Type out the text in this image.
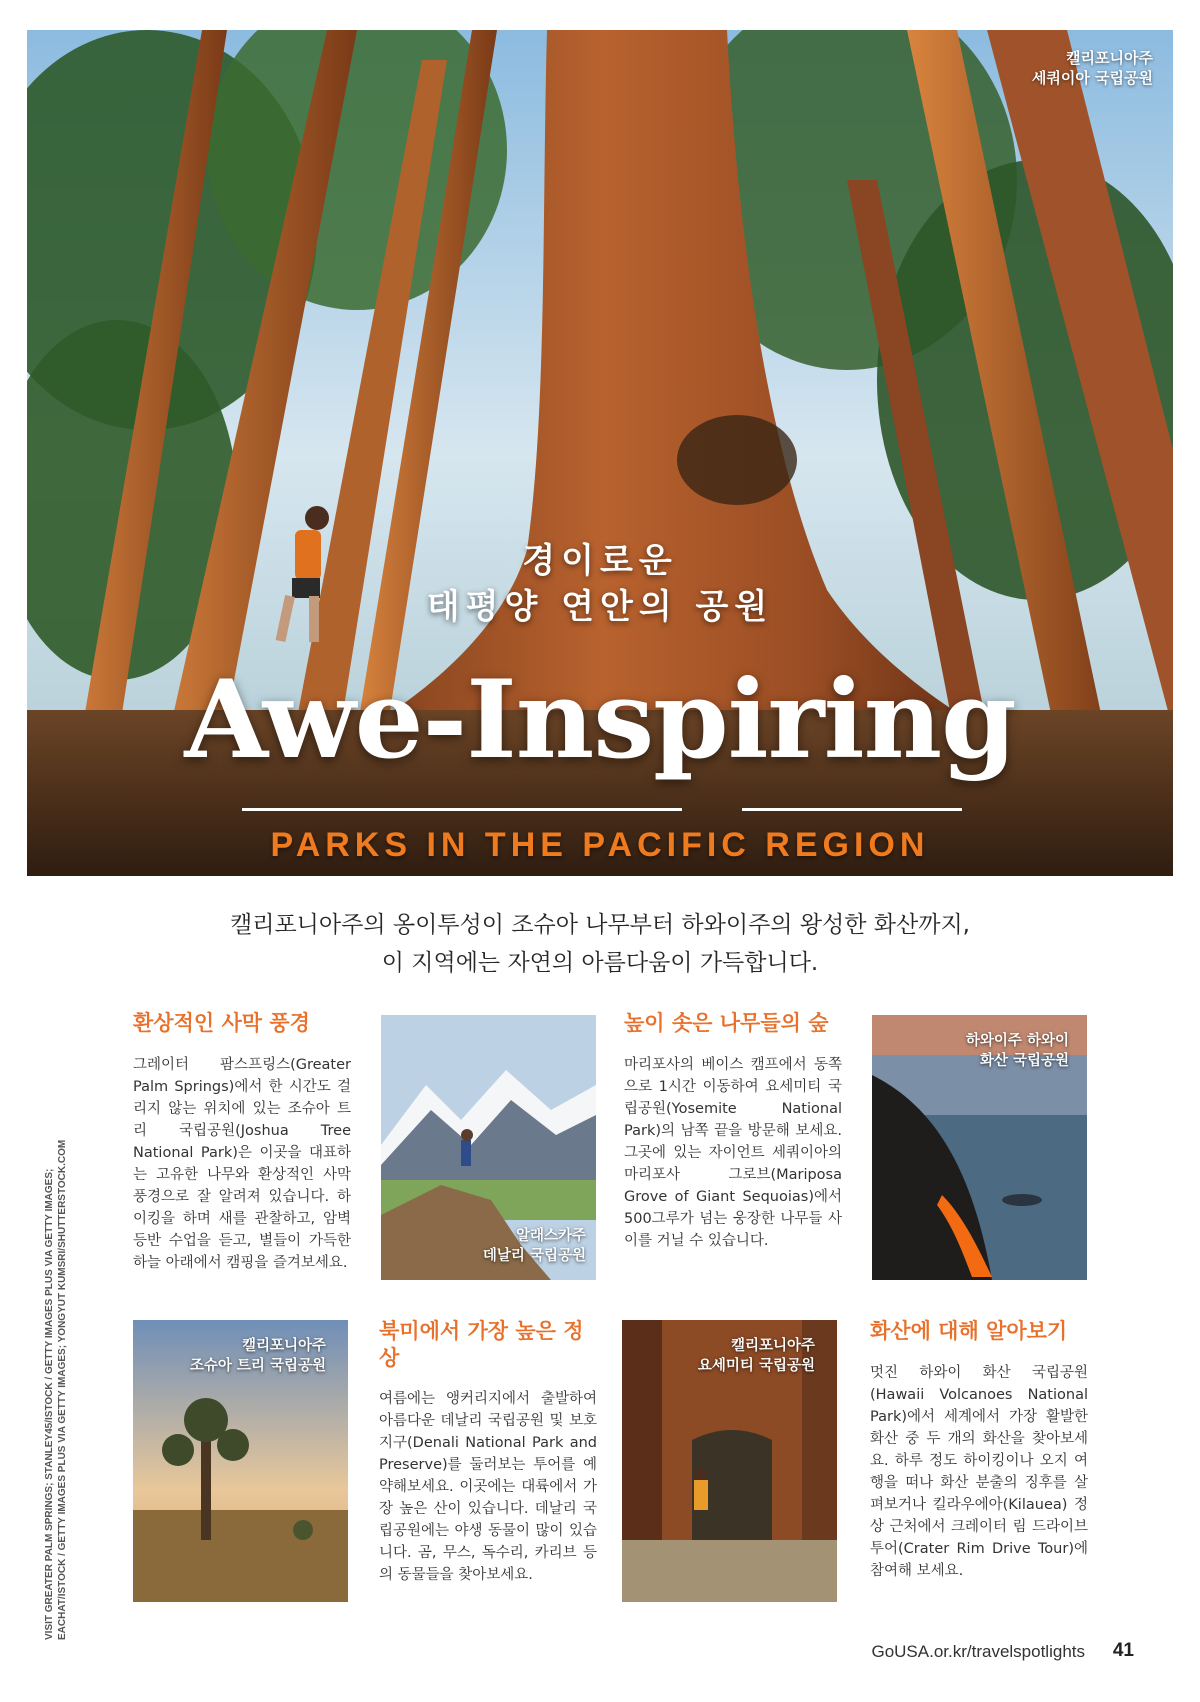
캘리포니아주
세쿼이아 국립공원
경이로운
태평양 연안의 공원
Awe-Inspiring
PARKS IN THE PACIFIC REGION
캘리포니아주의 옹이투성이 조슈아 나무부터 하와이주의 왕성한 화산까지,
이 지역에는 자연의 아름다움이 가득합니다.
환상적인 사막 풍경
그레이터 팜스프링스(Greater Palm Springs)에서 한 시간도 걸리지 않는 위치에 있는 조슈아 트리 국립공원(Joshua Tree National Park)은 이곳을 대표하는 고유한 나무와 환상적인 사막 풍경으로 잘 알려져 있습니다. 하이킹을 하며 새를 관찰하고, 암벽 등반 수업을 듣고, 별들이 가득한 하늘 아래에서 캠핑을 즐겨보세요.
알래스카주
데날리 국립공원
높이 솟은 나무들의 숲
마리포사의 베이스 캠프에서 동쪽으로 1시간 이동하여 요세미티 국립공원(Yosemite National Park)의 남쪽 끝을 방문해 보세요. 그곳에 있는 자이언트 세쿼이아의 마리포사 그로브(Mariposa Grove of Giant Sequoias)에서 500그루가 넘는 웅장한 나무들 사이를 거닐 수 있습니다.
하와이주 하와이
화산 국립공원
캘리포니아주
조슈아 트리 국립공원
북미에서 가장 높은 정상
여름에는 앵커리지에서 출발하여 아름다운 데날리 국립공원 및 보호 지구(Denali National Park and Preserve)를 둘러보는 투어를 예약해보세요. 이곳에는 대륙에서 가장 높은 산이 있습니다. 데날리 국립공원에는 야생 동물이 많이 있습니다. 곰, 무스, 독수리, 카리브 등의 동물들을 찾아보세요.
캘리포니아주
요세미티 국립공원
화산에 대해 알아보기
멋진 하와이 화산 국립공원(Hawaii Volcanoes National Park)에서 세계에서 가장 활발한 화산 중 두 개의 화산을 찾아보세요. 하루 정도 하이킹이나 오지 여행을 떠나 화산 분출의 징후를 살펴보거나 킬라우에아(Kilauea) 정상 근처에서 크레이터 림 드라이브 투어(Crater Rim Drive Tour)에 참여해 보세요.
VISIT GREATER PALM SPRINGS; STANLEY45/ISTOCK / GETTY IMAGES PLUS VIA GETTY IMAGES; EACHAT/ISTOCK / GETTY IMAGES PLUS VIA GETTY IMAGES; YONGYUT KUMSRI/SHUTTERSTOCK.COM
GoUSA.or.kr/travelspotlights 41
